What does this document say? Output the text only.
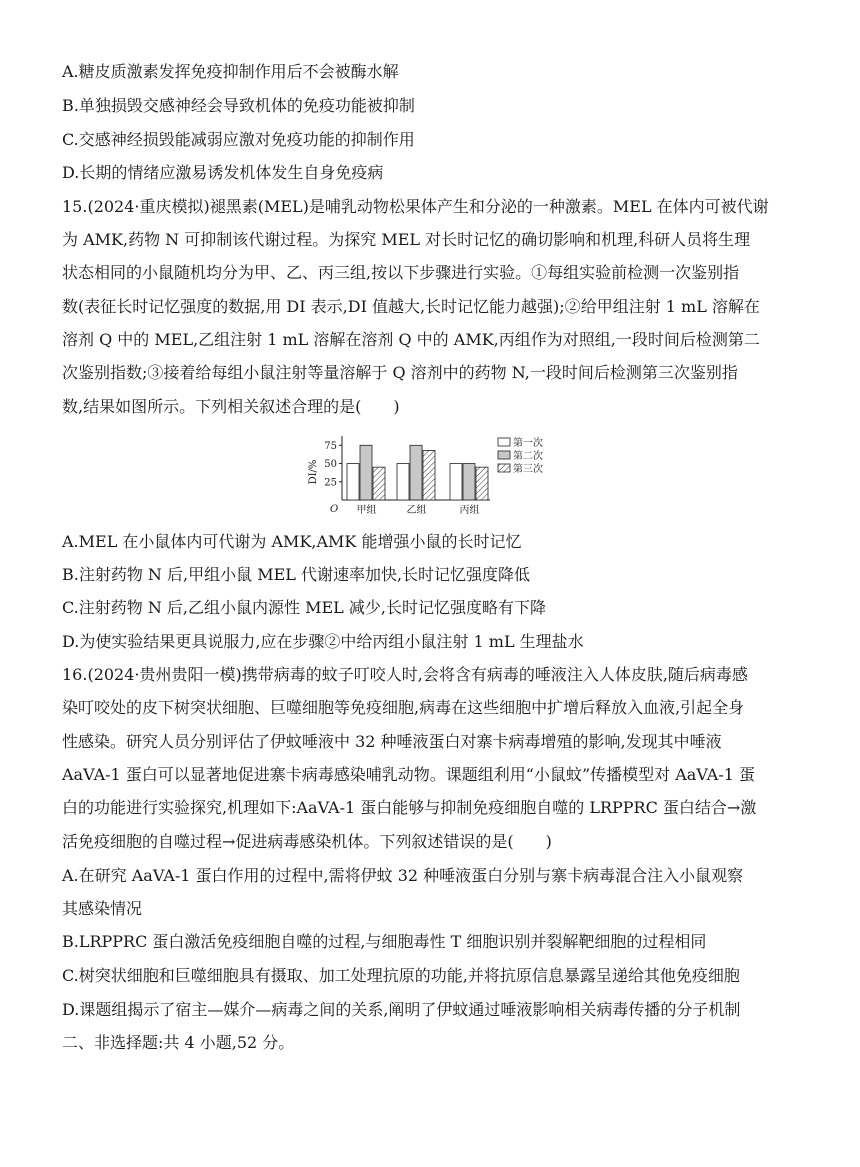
A.糖皮质激素发挥免疫抑制作用后不会被酶水解
B.单独损毁交感神经会导致机体的免疫功能被抑制
C.交感神经损毁能减弱应激对免疫功能的抑制作用
D.长期的情绪应激易诱发机体发生自身免疫病
15.(2024·重庆模拟)褪黑素(MEL)是哺乳动物松果体产生和分泌的一种激素。MEL 在体内可被代谢
为 AMK,药物 N 可抑制该代谢过程。为探究 MEL 对长时记忆的确切影响和机理,科研人员将生理
状态相同的小鼠随机均分为甲、乙、丙三组,按以下步骤进行实验。①每组实验前检测一次鉴别指
数(表征长时记忆强度的数据,用 DI 表示,DI 值越大,长时记忆能力越强);②给甲组注射 1 mL 溶解在
溶剂 Q 中的 MEL,乙组注射 1 mL 溶解在溶剂 Q 中的 AMK,丙组作为对照组,一段时间后检测第二
次鉴别指数;③接着给每组小鼠注射等量溶解于 Q 溶剂中的药物 N,一段时间后检测第三次鉴别指
数,结果如图所示。下列相关叙述合理的是(　　)
A.MEL 在小鼠体内可代谢为 AMK,AMK 能增强小鼠的长时记忆
B.注射药物 N 后,甲组小鼠 MEL 代谢速率加快,长时记忆强度降低
C.注射药物 N 后,乙组小鼠内源性 MEL 减少,长时记忆强度略有下降
D.为使实验结果更具说服力,应在步骤②中给丙组小鼠注射 1 mL 生理盐水
16.(2024·贵州贵阳一模)携带病毒的蚊子叮咬人时,会将含有病毒的唾液注入人体皮肤,随后病毒感
染叮咬处的皮下树突状细胞、巨噬细胞等免疫细胞,病毒在这些细胞中扩增后释放入血液,引起全身
性感染。研究人员分别评估了伊蚊唾液中 32 种唾液蛋白对寨卡病毒增殖的影响,发现其中唾液
AaVA-1 蛋白可以显著地促进寨卡病毒感染哺乳动物。课题组利用“小鼠蚊”传播模型对 AaVA-1 蛋
白的功能进行实验探究,机理如下:AaVA-1 蛋白能够与抑制免疫细胞自噬的 LRPPRC 蛋白结合→激
活免疫细胞的自噬过程→促进病毒感染机体。下列叙述错误的是(　　)
A.在研究 AaVA-1 蛋白作用的过程中,需将伊蚊 32 种唾液蛋白分别与寨卡病毒混合注入小鼠观察
其感染情况
B.LRPPRC 蛋白激活免疫细胞自噬的过程,与细胞毒性 T 细胞识别并裂解靶细胞的过程相同
C.树突状细胞和巨噬细胞具有摄取、加工处理抗原的功能,并将抗原信息暴露呈递给其他免疫细胞
D.课题组揭示了宿主—媒介—病毒之间的关系,阐明了伊蚊通过唾液影响相关病毒传播的分子机制
二、非选择题:共 4 小题,52 分。
DI/%
O
25
50
75
甲组	乙组	丙组
第一次
第二次
第三次
